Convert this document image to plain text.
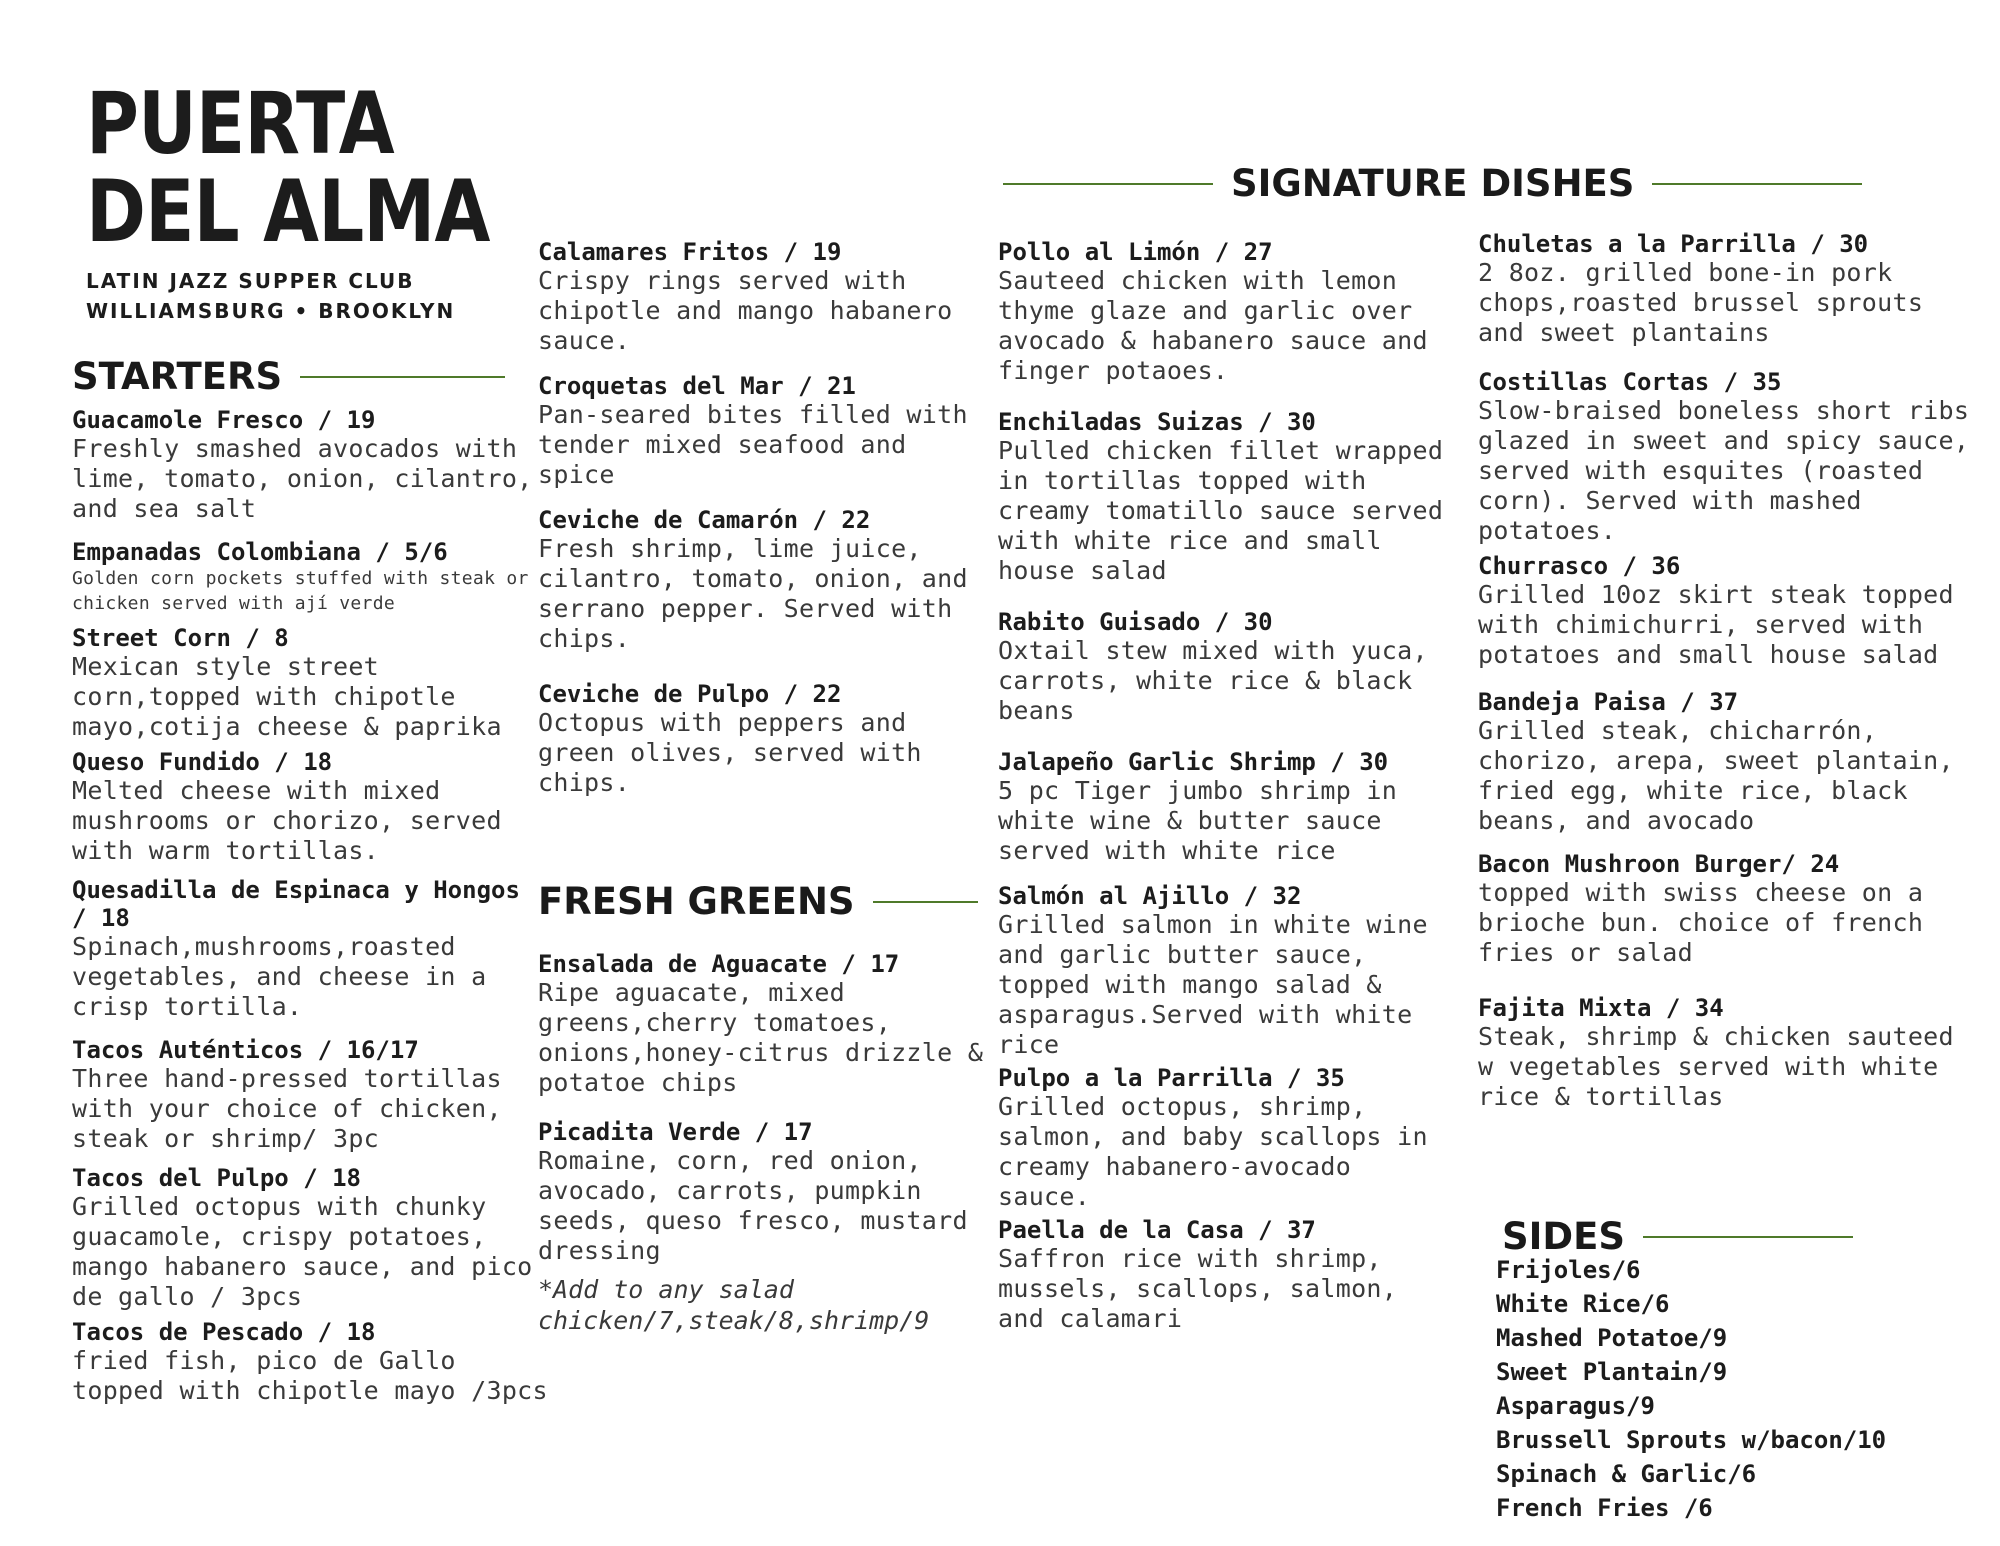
PUERTA
DEL ALMA
LATIN JAZZ SUPPER CLUB
WILLIAMSBURG • BROOKLYN
STARTERS
FRESH GREENS
SIGNATURE DISHES
SIDES
Guacamole Fresco / 19
Freshly smashed avocados with lime, tomato, onion, cilantro, and sea salt
Empanadas Colombiana / 5/6
Golden corn pockets stuffed with steak or chicken served with ají verde
Street Corn / 8
Mexican style street corn,topped with chipotle mayo,cotija cheese & paprika
Queso Fundido / 18
Melted cheese with mixed mushrooms or chorizo, served with warm tortillas.
Quesadilla de Espinaca y Hongos / 18
Spinach,mushrooms,roasted vegetables, and cheese in a crisp tortilla.
Tacos Auténticos / 16/17
Three hand-pressed tortillas with your choice of chicken, steak or shrimp/ 3pc
Tacos del Pulpo / 18
Grilled octopus with chunky guacamole, crispy potatoes, mango habanero sauce, and pico de gallo / 3pcs
Tacos de Pescado / 18
fried fish, pico de Gallo topped with chipotle mayo /3pcs
Calamares Fritos / 19
Crispy rings served with chipotle and mango habanero sauce.
Croquetas del Mar / 21
Pan-seared bites filled with tender mixed seafood and spice
Ceviche de Camarón / 22
Fresh shrimp, lime juice, cilantro, tomato, onion, and serrano pepper. Served with chips.
Ceviche de Pulpo / 22
Octopus with peppers and green olives, served with chips.
Ensalada de Aguacate / 17
Ripe aguacate, mixed greens,cherry tomatoes, onions,honey-citrus drizzle & potatoe chips
Picadita Verde / 17
Romaine, corn, red onion, avocado, carrots, pumpkin seeds, queso fresco, mustard dressing
*Add to any salad chicken/7,steak/8,shrimp/9
Pollo al Limón / 27
Sauteed chicken with lemon thyme glaze and garlic over avocado & habanero sauce and finger potaoes.
Enchiladas Suizas / 30
Pulled chicken fillet wrapped in tortillas topped with creamy tomatillo sauce served with white rice and small house salad
Rabito Guisado / 30
Oxtail stew mixed with yuca, carrots, white rice & black beans
Jalapeño Garlic Shrimp / 30
5 pc Tiger jumbo shrimp in white wine & butter sauce served with white rice
Salmón al Ajillo / 32
Grilled salmon in white wine and garlic butter sauce, topped with mango salad & asparagus.Served with white rice
Pulpo a la Parrilla / 35
Grilled octopus, shrimp, salmon, and baby scallops in creamy habanero-avocado sauce.
Paella de la Casa / 37
Saffron rice with shrimp, mussels, scallops, salmon, and calamari
Chuletas a la Parrilla / 30
2 8oz. grilled bone-in pork chops,roasted brussel sprouts and sweet plantains
Costillas Cortas / 35
Slow-braised boneless short ribs glazed in sweet and spicy sauce, served with esquites (roasted corn). Served with mashed potatoes.
Churrasco / 36
Grilled 10oz skirt steak topped with chimichurri, served with potatoes and small house salad
Bandeja Paisa / 37
Grilled steak, chicharrón, chorizo, arepa, sweet plantain, fried egg, white rice, black beans, and avocado
Bacon Mushroon Burger/ 24
topped with swiss cheese on a brioche bun. choice of french fries or salad
Fajita Mixta / 34
Steak, shrimp & chicken sauteed w vegetables served with white rice & tortillas
Frijoles/6
White Rice/6
Mashed Potatoe/9
Sweet Plantain/9
Asparagus/9
Brussell Sprouts w/bacon/10
Spinach & Garlic/6
French Fries /6
